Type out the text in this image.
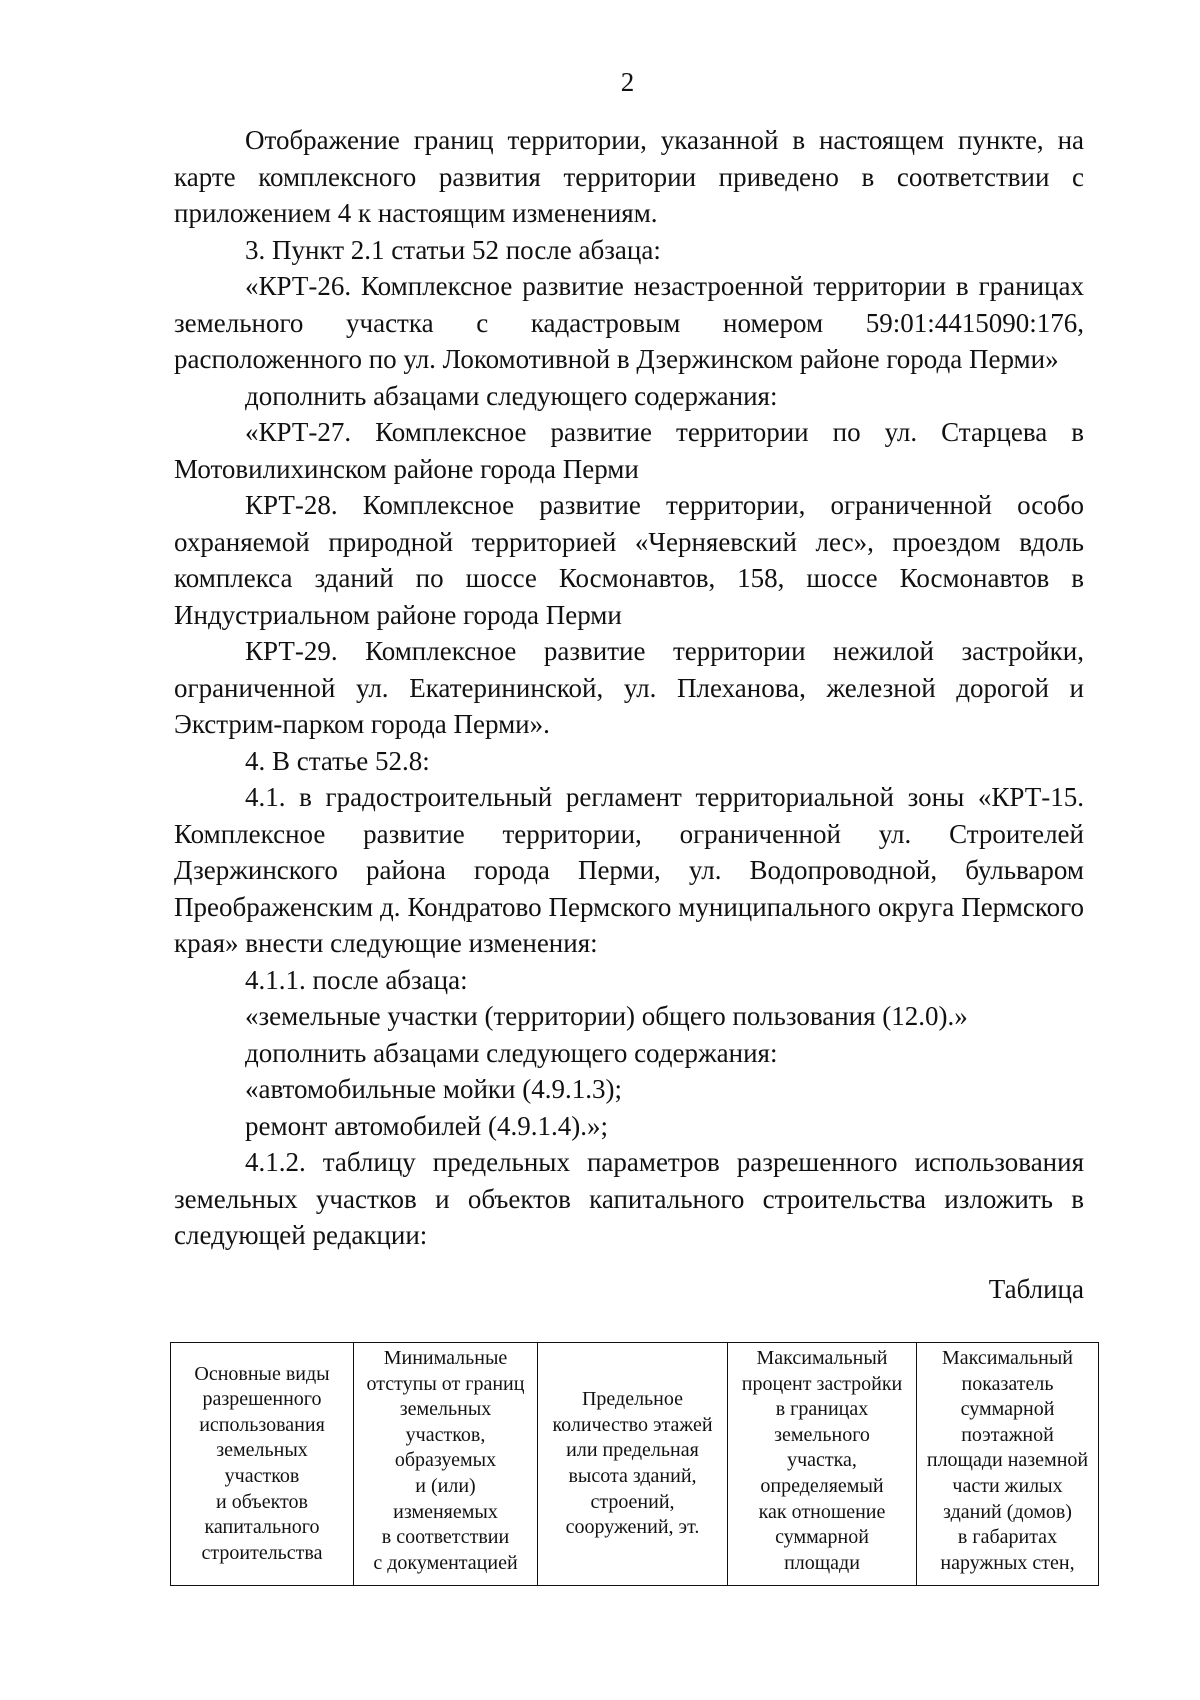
2

Отображение границ территории, указанной в настоящем пункте, на карте комплексного развития территории приведено в соответствии с приложением 4 к настоящим изменениям.

3. Пункт 2.1 статьи 52 после абзаца:

«КРТ-26. Комплексное развитие незастроенной территории в границах земельного участка с кадастровым номером 59:01:4415090:176, расположенного по ул. Локомотивной в Дзержинском районе города Перми»

дополнить абзацами следующего содержания:

«КРТ-27. Комплексное развитие территории по ул. Старцева в Мотовилихинском районе города Перми

КРТ-28. Комплексное развитие территории, ограниченной особо охраняемой природной территорией «Черняевский лес», проездом вдоль комплекса зданий по шоссе Космонавтов, 158, шоссе Космонавтов в Индустриальном районе города Перми

КРТ-29. Комплексное развитие территории нежилой застройки, ограниченной ул. Екатерининской, ул. Плеханова, железной дорогой и Экстрим-парком города Перми».

4. В статье 52.8:

4.1. в градостроительный регламент территориальной зоны «КРТ-15. Комплексное развитие территории, ограниченной ул. Строителей Дзержинского района города Перми, ул. Водопроводной, бульваром Преображенским д. Кондратово Пермского муниципального округа Пермского края» внести следующие изменения:

4.1.1. после абзаца:

«земельные участки (территории) общего пользования (12.0).»

дополнить абзацами следующего содержания:

«автомобильные мойки (4.9.1.3);

ремонт автомобилей (4.9.1.4).»;

4.1.2. таблицу предельных параметров разрешенного использования земельных участков и объектов капитального строительства изложить в следующей редакции:

Таблица

Основные виды
разрешенного
использования
земельных
участков
и объектов
капитального
строительства

Минимальные
отступы от границ
земельных
участков,
образуемых
и (или)
изменяемых
в соответствии
с документацией

Предельное
количество этажей
или предельная
высота зданий,
строений,
сооружений, эт.

Максимальный
процент застройки
в границах
земельного
участка,
определяемый
как отношение
суммарной
площади

Максимальный
показатель
суммарной
поэтажной
площади наземной
части жилых
зданий (домов)
в габаритах
наружных стен,
